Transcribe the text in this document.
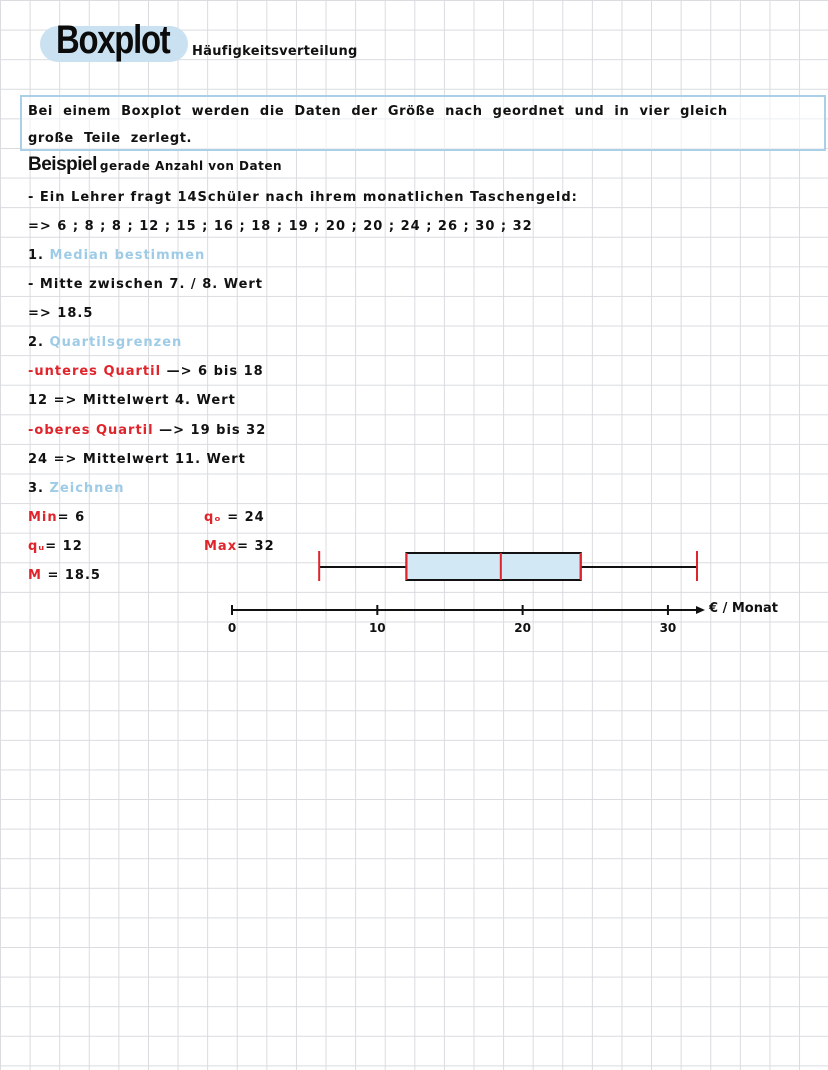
Boxplot Häufigkeitsverteilung
Bei einem Boxplot werden die Daten der Größe nach geordnet und in vier gleich
große Teile zerlegt.
Beispiel gerade Anzahl von Daten
- Ein Lehrer fragt 14Schüler nach ihrem monatlichen Taschengeld:
=> 6 ; 8 ; 8 ; 12 ; 15 ; 16 ; 18 ; 19 ; 20 ; 20 ; 24 ; 26 ; 30 ; 32
1. Median bestimmen
- Mitte zwischen 7. / 8. Wert
=> 18.5
2. Quartilsgrenzen
-unteres Quartil —> 6 bis 18
12 => Mittelwert 4. Wert
-oberes Quartil —> 19 bis 32
24 => Mittelwert 11. Wert
3. Zeichnen
Min= 6
qᵤ= 12
M = 18.5
qₒ = 24
Max= 32
0	10	20	30
€ / Monat
